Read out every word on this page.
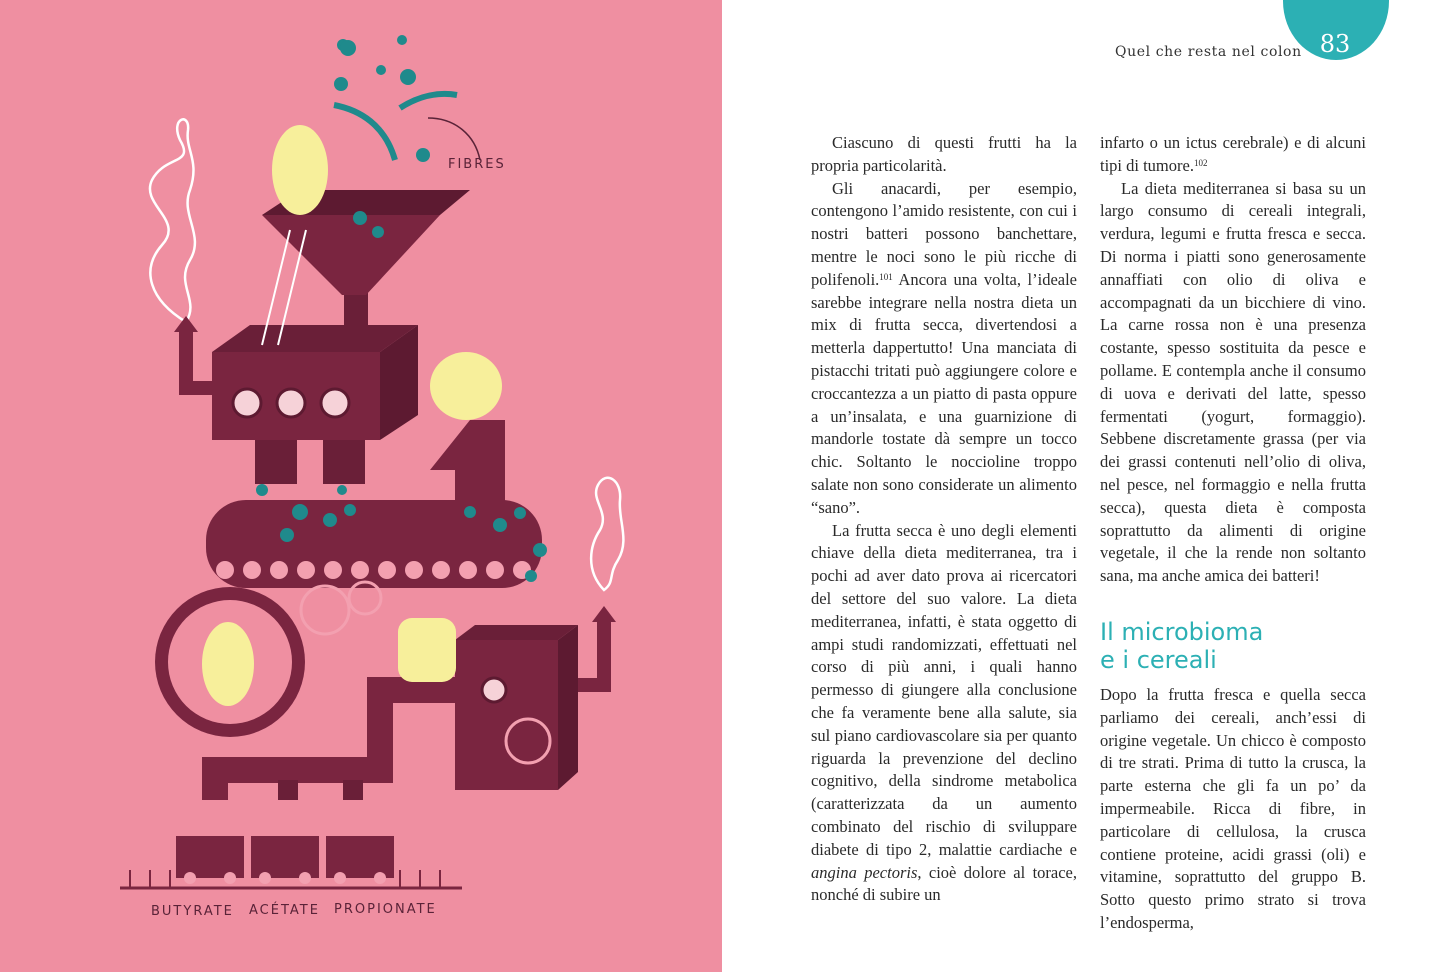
FIBRES
BUTYRATE ACÉTATE PROPIONATE
83
Quel che resta nel colon

Ciascuno di questi frutti ha la propria particolarità.

Gli anacardi, per esempio, contengono l’amido resistente, con cui i nostri batteri possono banchettare, mentre le noci sono le più ricche di polifenoli.$^{101}$ Ancora una volta, l’ideale sarebbe integrare nella nostra dieta un mix di frutta secca, divertendosi a metterla dappertutto! Una manciata di pistacchi tritati può aggiungere colore e croccantezza a un piatto di pasta oppure a un’insalata, e una guarnizione di mandorle tostate dà sempre un tocco chic. Soltanto le noccioline troppo salate non sono considerate un alimento “sano”.

La frutta secca è uno degli elementi chiave della dieta mediterranea, tra i pochi ad aver dato prova ai ricercatori del settore del suo valore. La dieta mediterranea, infatti, è stata oggetto di ampi studi randomizzati, effettuati nel corso di più anni, i quali hanno permesso di giungere alla conclusione che fa veramente bene alla salute, sia sul piano cardiovascolare sia per quanto riguarda la prevenzione del declino cognitivo, della sindrome metabolica (caratterizzata da un aumento combinato del rischio di sviluppare diabete di tipo 2, malattie cardiache e angina pectoris, cioè dolore al torace, nonché di subire un

infarto o un ictus cerebrale) e di alcuni tipi di tumore.$^{102}$

La dieta mediterranea si basa su un largo consumo di cereali integrali, verdura, legumi e frutta fresca e secca. Di norma i piatti sono generosamente annaffiati con olio di oliva e accompagnati da un bicchiere di vino. La carne rossa non è una presenza costante, spesso sostituita da pesce e pollame. E contempla anche il consumo di uova e derivati del latte, spesso fermentati (yogurt, formaggio). Sebbene discretamente grassa (per via dei grassi contenuti nell’olio di oliva, nel pesce, nel formaggio e nella frutta secca), questa dieta è composta soprattutto da alimenti di origine vegetale, il che la rende non soltanto sana, ma anche amica dei batteri!

Il microbioma
e i cereali

Dopo la frutta fresca e quella secca parliamo dei cereali, anch’essi di origine vegetale. Un chicco è composto di tre strati. Prima di tutto la crusca, la parte esterna che gli fa un po’ da impermeabile. Ricca di fibre, in particolare di cellulosa, la crusca contiene proteine, acidi grassi (oli) e vitamine, soprattutto del gruppo B. Sotto questo primo strato si trova l’endosperma,
